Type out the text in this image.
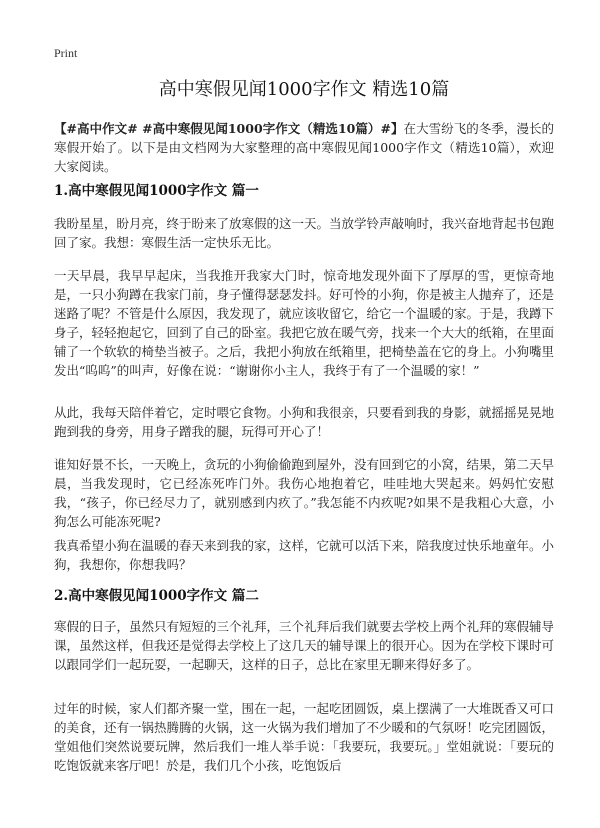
Print
高中寒假见闻1000字作文 精选10篇

【#高中作文# #高中寒假见闻1000字作文（精选10篇）#】在大雪纷飞的冬季，漫长的寒假开始了。以下是由文档网为大家整理的高中寒假见闻1000字作文（精选10篇），欢迎大家阅读。

1.高中寒假见闻1000字作文 篇一

我盼星星，盼月亮，终于盼来了放寒假的这一天。当放学铃声敲响时，我兴奋地背起书包跑回了家。我想：寒假生活一定快乐无比。

一天早晨，我早早起床，当我推开我家大门时，惊奇地发现外面下了厚厚的雪，更惊奇地是，一只小狗蹲在我家门前，身子懂得瑟瑟发抖。好可怜的小狗，你是被主人抛弃了，还是迷路了呢？不管是什么原因，我发现了，就应该收留它，给它一个温暖的家。于是，我蹲下身子，轻轻抱起它，回到了自己的卧室。我把它放在暖气旁，找来一个大大的纸箱，在里面铺了一个软软的椅垫当被子。之后，我把小狗放在纸箱里，把椅垫盖在它的身上。小狗嘴里发出“呜呜”的叫声，好像在说：“谢谢你小主人，我终于有了一个温暖的家！”

从此，我每天陪伴着它，定时喂它食物。小狗和我很亲，只要看到我的身影，就摇摇晃晃地跑到我的身旁，用身子蹭我的腿，玩得可开心了！

谁知好景不长，一天晚上，贪玩的小狗偷偷跑到屋外，没有回到它的小窝，结果，第二天早晨，当我发现时，它已经冻死咋门外。我伤心地抱着它，哇哇地大哭起来。妈妈忙安慰我，“孩子，你已经尽力了，就别感到内疚了。”我怎能不内疚呢?如果不是我粗心大意，小狗怎么可能冻死呢?

我真希望小狗在温暖的春天来到我的家，这样，它就可以活下来，陪我度过快乐地童年。小狗，我想你，你想我吗？

2.高中寒假见闻1000字作文 篇二

寒假的日子，虽然只有短短的三个礼拜，三个礼拜后我们就要去学校上两个礼拜的寒假辅导课，虽然这样，但我还是觉得去学校上了这几天的辅导课上的很开心。因为在学校下课时可以跟同学们一起玩耍，一起聊天，这样的日子，总比在家里无聊来得好多了。

过年的时候，家人们都齐聚一堂，围在一起，一起吃团圆饭，桌上摆满了一大堆既香又可口的美食，还有一锅热腾腾的火锅，这一火锅为我们增加了不少暖和的气氛呀！吃完团圆饭，堂姐他们突然说要玩牌，然后我们一堆人举手说：「我要玩，我要玩。」堂姐就说：「要玩的吃饱饭就来客厅吧！於是，我们几个小孩，吃饱饭后
